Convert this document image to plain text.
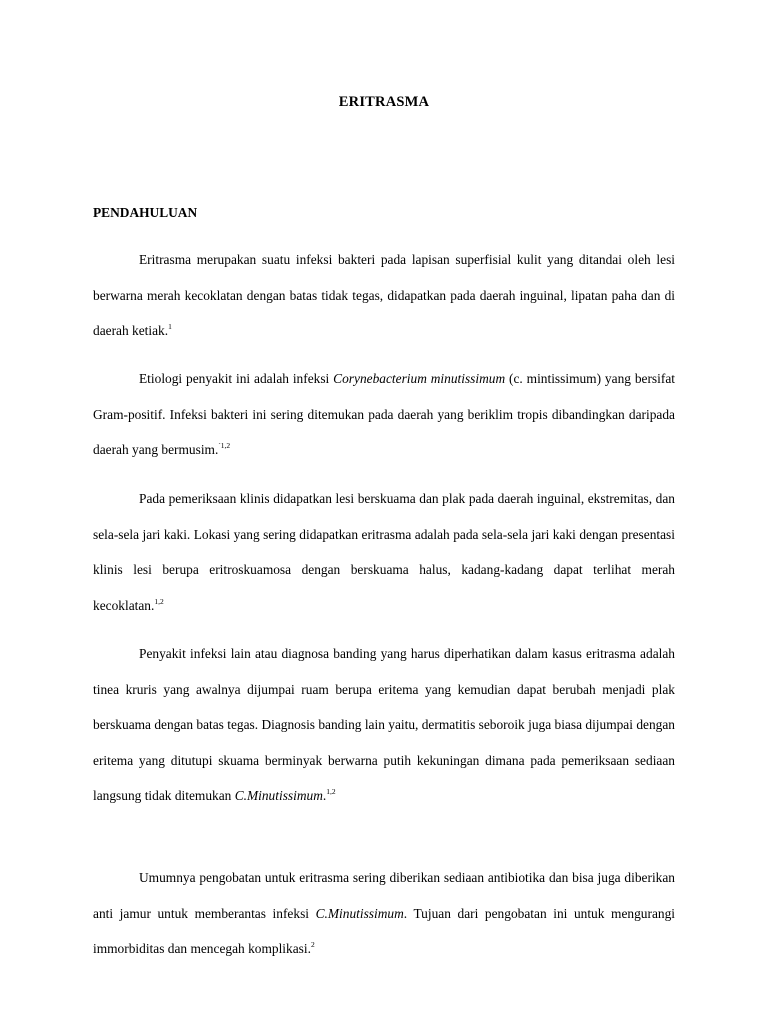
ERITRASMA
PENDAHULUAN

Eritrasma merupakan suatu infeksi bakteri pada lapisan superfisial kulit yang ditandai oleh lesi berwarna merah kecoklatan dengan batas tidak tegas, didapatkan pada daerah inguinal, lipatan paha dan di daerah ketiak.$^1$

Etiologi penyakit ini adalah infeksi Corynebacterium minutissimum (c. mintissimum) yang bersifat Gram-positif. Infeksi bakteri ini sering ditemukan pada daerah yang beriklim tropis dibandingkan daripada daerah yang bermusim.$^{`1,2}$

Pada pemeriksaan klinis didapatkan lesi berskuama dan plak pada daerah inguinal, ekstremitas, dan sela-sela jari kaki. Lokasi yang sering didapatkan eritrasma adalah pada sela-sela jari kaki dengan presentasi klinis lesi berupa eritroskuamosa dengan berskuama halus, kadang-kadang dapat terlihat merah kecoklatan.$^{1,2}$

Penyakit infeksi lain atau diagnosa banding yang harus diperhatikan dalam kasus eritrasma adalah tinea kruris yang awalnya dijumpai ruam berupa eritema yang kemudian dapat berubah menjadi plak berskuama dengan batas tegas. Diagnosis banding lain yaitu, dermatitis seboroik juga biasa dijumpai dengan eritema yang ditutupi skuama berminyak berwarna putih kekuningan dimana pada pemeriksaan sediaan langsung tidak ditemukan C.Minutissimum.$^{1,2}$

Umumnya pengobatan untuk eritrasma sering diberikan sediaan antibiotika dan bisa juga diberikan anti jamur untuk memberantas infeksi C.Minutissimum. Tujuan dari pengobatan ini untuk mengurangi immorbiditas dan mencegah komplikasi.$^2$
